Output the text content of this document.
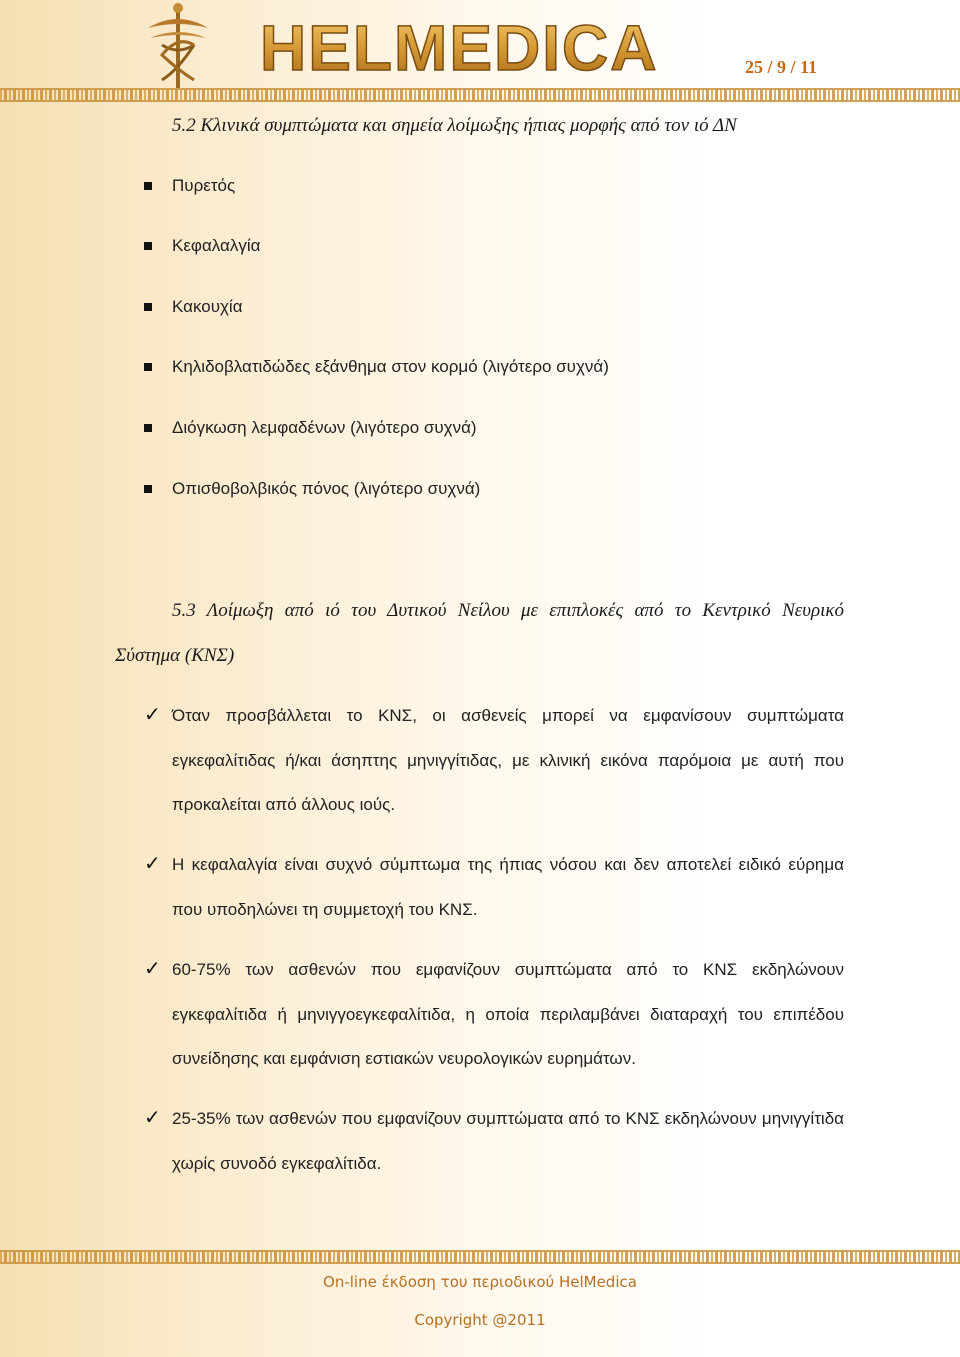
HELMEDICA	25 / 9 / 11
5.2 Κλινικά συμπτώματα και σημεία λοίμωξης ήπιας μορφής από τον ιό ΔΝ
Πυρετός
Κεφαλαλγία
Κακουχία
Κηλιδοβλατιδώδες εξάνθημα στον κορμό (λιγότερο συχνά)
Διόγκωση λεμφαδένων (λιγότερο συχνά)
Οπισθοβολβικός πόνος (λιγότερο συχνά)
5.3 Λοίμωξη από ιό του Δυτικού Νείλου με επιπλοκές από το Κεντρικό Νευρικό
Σύστημα (ΚΝΣ)
✓ Όταν προσβάλλεται το ΚΝΣ, οι ασθενείς μπορεί να εμφανίσουν συμπτώματα εγκεφαλίτιδας ή/και άσηπτης μηνιγγίτιδας, με κλινική εικόνα παρόμοια με αυτή που προκαλείται από άλλους ιούς.
✓ Η κεφαλαλγία είναι συχνό σύμπτωμα της ήπιας νόσου και δεν αποτελεί ειδικό εύρημα που υποδηλώνει τη συμμετοχή του ΚΝΣ.
✓ 60-75% των ασθενών που εμφανίζουν συμπτώματα από το ΚΝΣ εκδηλώνουν εγκεφαλίτιδα ή μηνιγγοεγκεφαλίτιδα, η οποία περιλαμβάνει διαταραχή του επιπέδου συνείδησης και εμφάνιση εστιακών νευρολογικών ευρημάτων.
✓ 25-35% των ασθενών που εμφανίζουν συμπτώματα από το ΚΝΣ εκδηλώνουν μηνιγγίτιδα χωρίς συνοδό εγκεφαλίτιδα.
On-line έκδοση του περιοδικού HelMedica
Copyright @2011
